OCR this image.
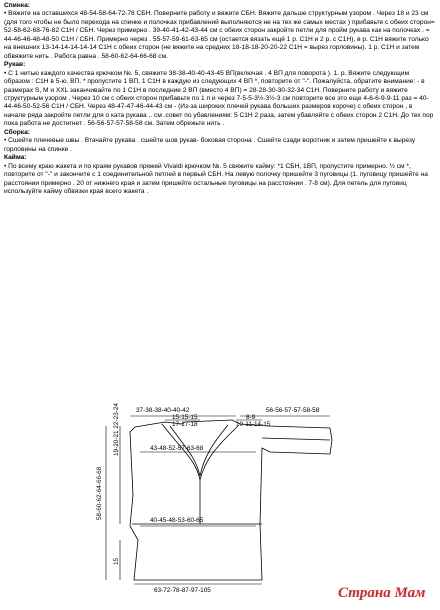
Спинка:

• Вяжите на оставшихся 48-54-58-64-72-78 СБН. Поверните работу и вяжите СБН. Вяжите дальше структурным узором . Через 18 и 23 см (для того чтобы не было перехода на спинке и полочках прибавлений выполняются не на тех же самых местах ) прибавьте с обеих сторон= 52-58-62-68-76-82 С1Н / СБН. Через примерно . 39-40-41-42-43-44 см с обеих сторон закройте петли для пройм рукава как на полочках . = 44-46-46-48-48-50 С1Н / СБН. Примерно через . 55-57-59-61-63-65 см (остается вязать ещё 1 р. С1Н и 2 р. с С1Н), в р. С1Н вяжите только на внешних 13-14-14-14-14-14 С1Н с обеих сторон (не вяжите на средних 18-18-18-20-20-22 С1Н = вырез горловины). 1 р. С1Н и затем обвяжите нить . Работа равна . 58-60-62-64-66-68 см.

Рукав:

• С 1 нитью каждого качества крючком №. 5, свяжите 38-38-40-40-43-45 ВП(включая . 4 ВП для поворота ). 1. р. Вяжите следующим образом : С1Н в 5-ю. ВП. * пропустите 1 ВП, 1 С1Н в каждую из следующих 4 ВП *, повторите от "-". Пожалуйста, обратите внимание: - в размерах S, M и XXL заканчивайте по 1 С1Н в последние 2 ВП (вместо 4 ВП) = 28-28-30-30-32-34 С1Н. Поверните работу и вяжите структурным узором . Через 10 см с обеих сторон прибавьте по 1 п и через 7-5-5-3½-3½-3 см повторите все это еще 4-6-6-9-9-11 раз = 40-44-46-50-52-56 С1Н / СБН. Через 48-47-47-46-44-43 см - (Из-за широких плечей рукава больших размеров короче) с обеих сторон , в начале ряда закройте петли для о ката рукава .. см .совет по убавлениям: 5 С1Н 2 раза, затем убавляйте с обеих сторон 2 С1Н. До тех пор пока работа не достигнет . 56-56-57-57-58-58 см. Затем обрежьте нить .

Сборка:

• Сшейте плечевые швы . Втачайте рукава . сшейте шов рукав- боковая сторона . Сшейте сзади воротник и затем пришейте к вырезу горловины на спинке .

Кайма:

• По всему краю жакета и по краям рукавов пряжей Vivaldi крючком №. 5 свяжите кайму: *1 СБН, 1ВП, пропустите примерно. ½ см *, повторите от "-" и закончите с 1 соединительной петлей в первый СБН. На левую полочку пришейте 3 пуговицы (1. пуговицу пришейте на расстоянии примерно . 20 от нижнего края и затем пришейте остальные пуговицы на расстоянии . 7-8 см). Для петель для пуговиц используйте кайму обвязки края всего жакета .

37-38-38-40-40-42
15-15-15
17-17-18
8-9
10-11-14-15
56-56-57-57-58-58
43-48-52-57-63-68
40-45-48-53-60-65
63-72-78-87-97-105
58-60-62-64-66-68
19-20-21 22-23-24
15
Страна Мам
